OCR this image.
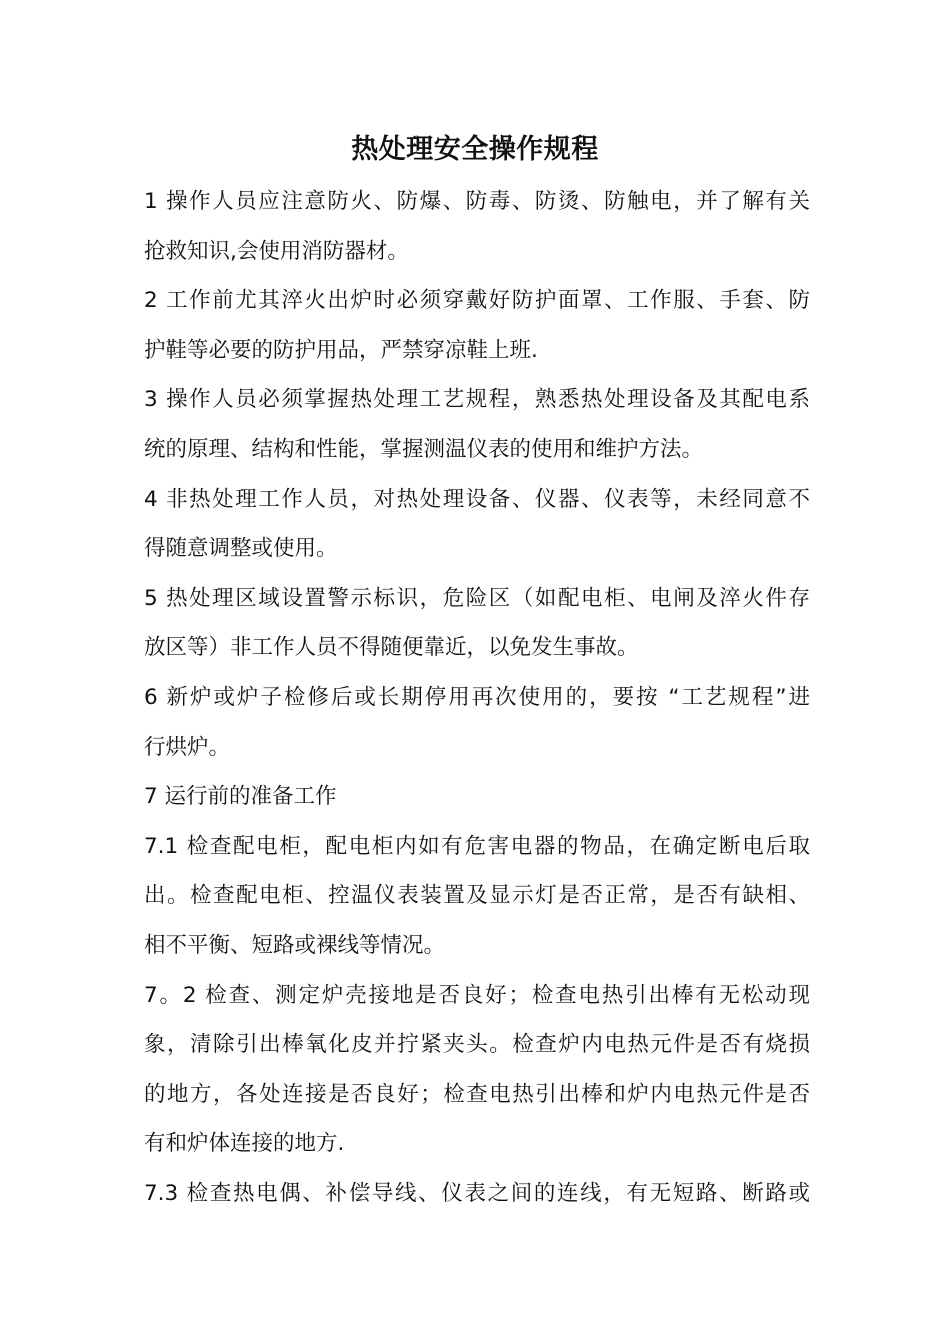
热处理安全操作规程
1 操作人员应注意防火、防爆、防毒、防烫、防触电，并了解有关
抢救知识,会使用消防器材。
2 工作前尤其淬火出炉时必须穿戴好防护面罩、工作服、手套、防
护鞋等必要的防护用品，严禁穿凉鞋上班.
3 操作人员必须掌握热处理工艺规程，熟悉热处理设备及其配电系
统的原理、结构和性能，掌握测温仪表的使用和维护方法。
4 非热处理工作人员，对热处理设备、仪器、仪表等，未经同意不
得随意调整或使用。
5 热处理区域设置警示标识，危险区（如配电柜、电闸及淬火件存
放区等）非工作人员不得随便靠近，以免发生事故。
6 新炉或炉子检修后或长期停用再次使用的，要按 “工艺规程”进
行烘炉。
7 运行前的准备工作
7.1 检查配电柜，配电柜内如有危害电器的物品，在确定断电后取
出。检查配电柜、控温仪表装置及显示灯是否正常，是否有缺相、
相不平衡、短路或裸线等情况。
7。2 检查、测定炉壳接地是否良好；检查电热引出棒有无松动现
象，清除引出棒氧化皮并拧紧夹头。检查炉内电热元件是否有烧损
的地方，各处连接是否良好；检查电热引出棒和炉内电热元件是否
有和炉体连接的地方.
7.3 检查热电偶、补偿导线、仪表之间的连线，有无短路、断路或
